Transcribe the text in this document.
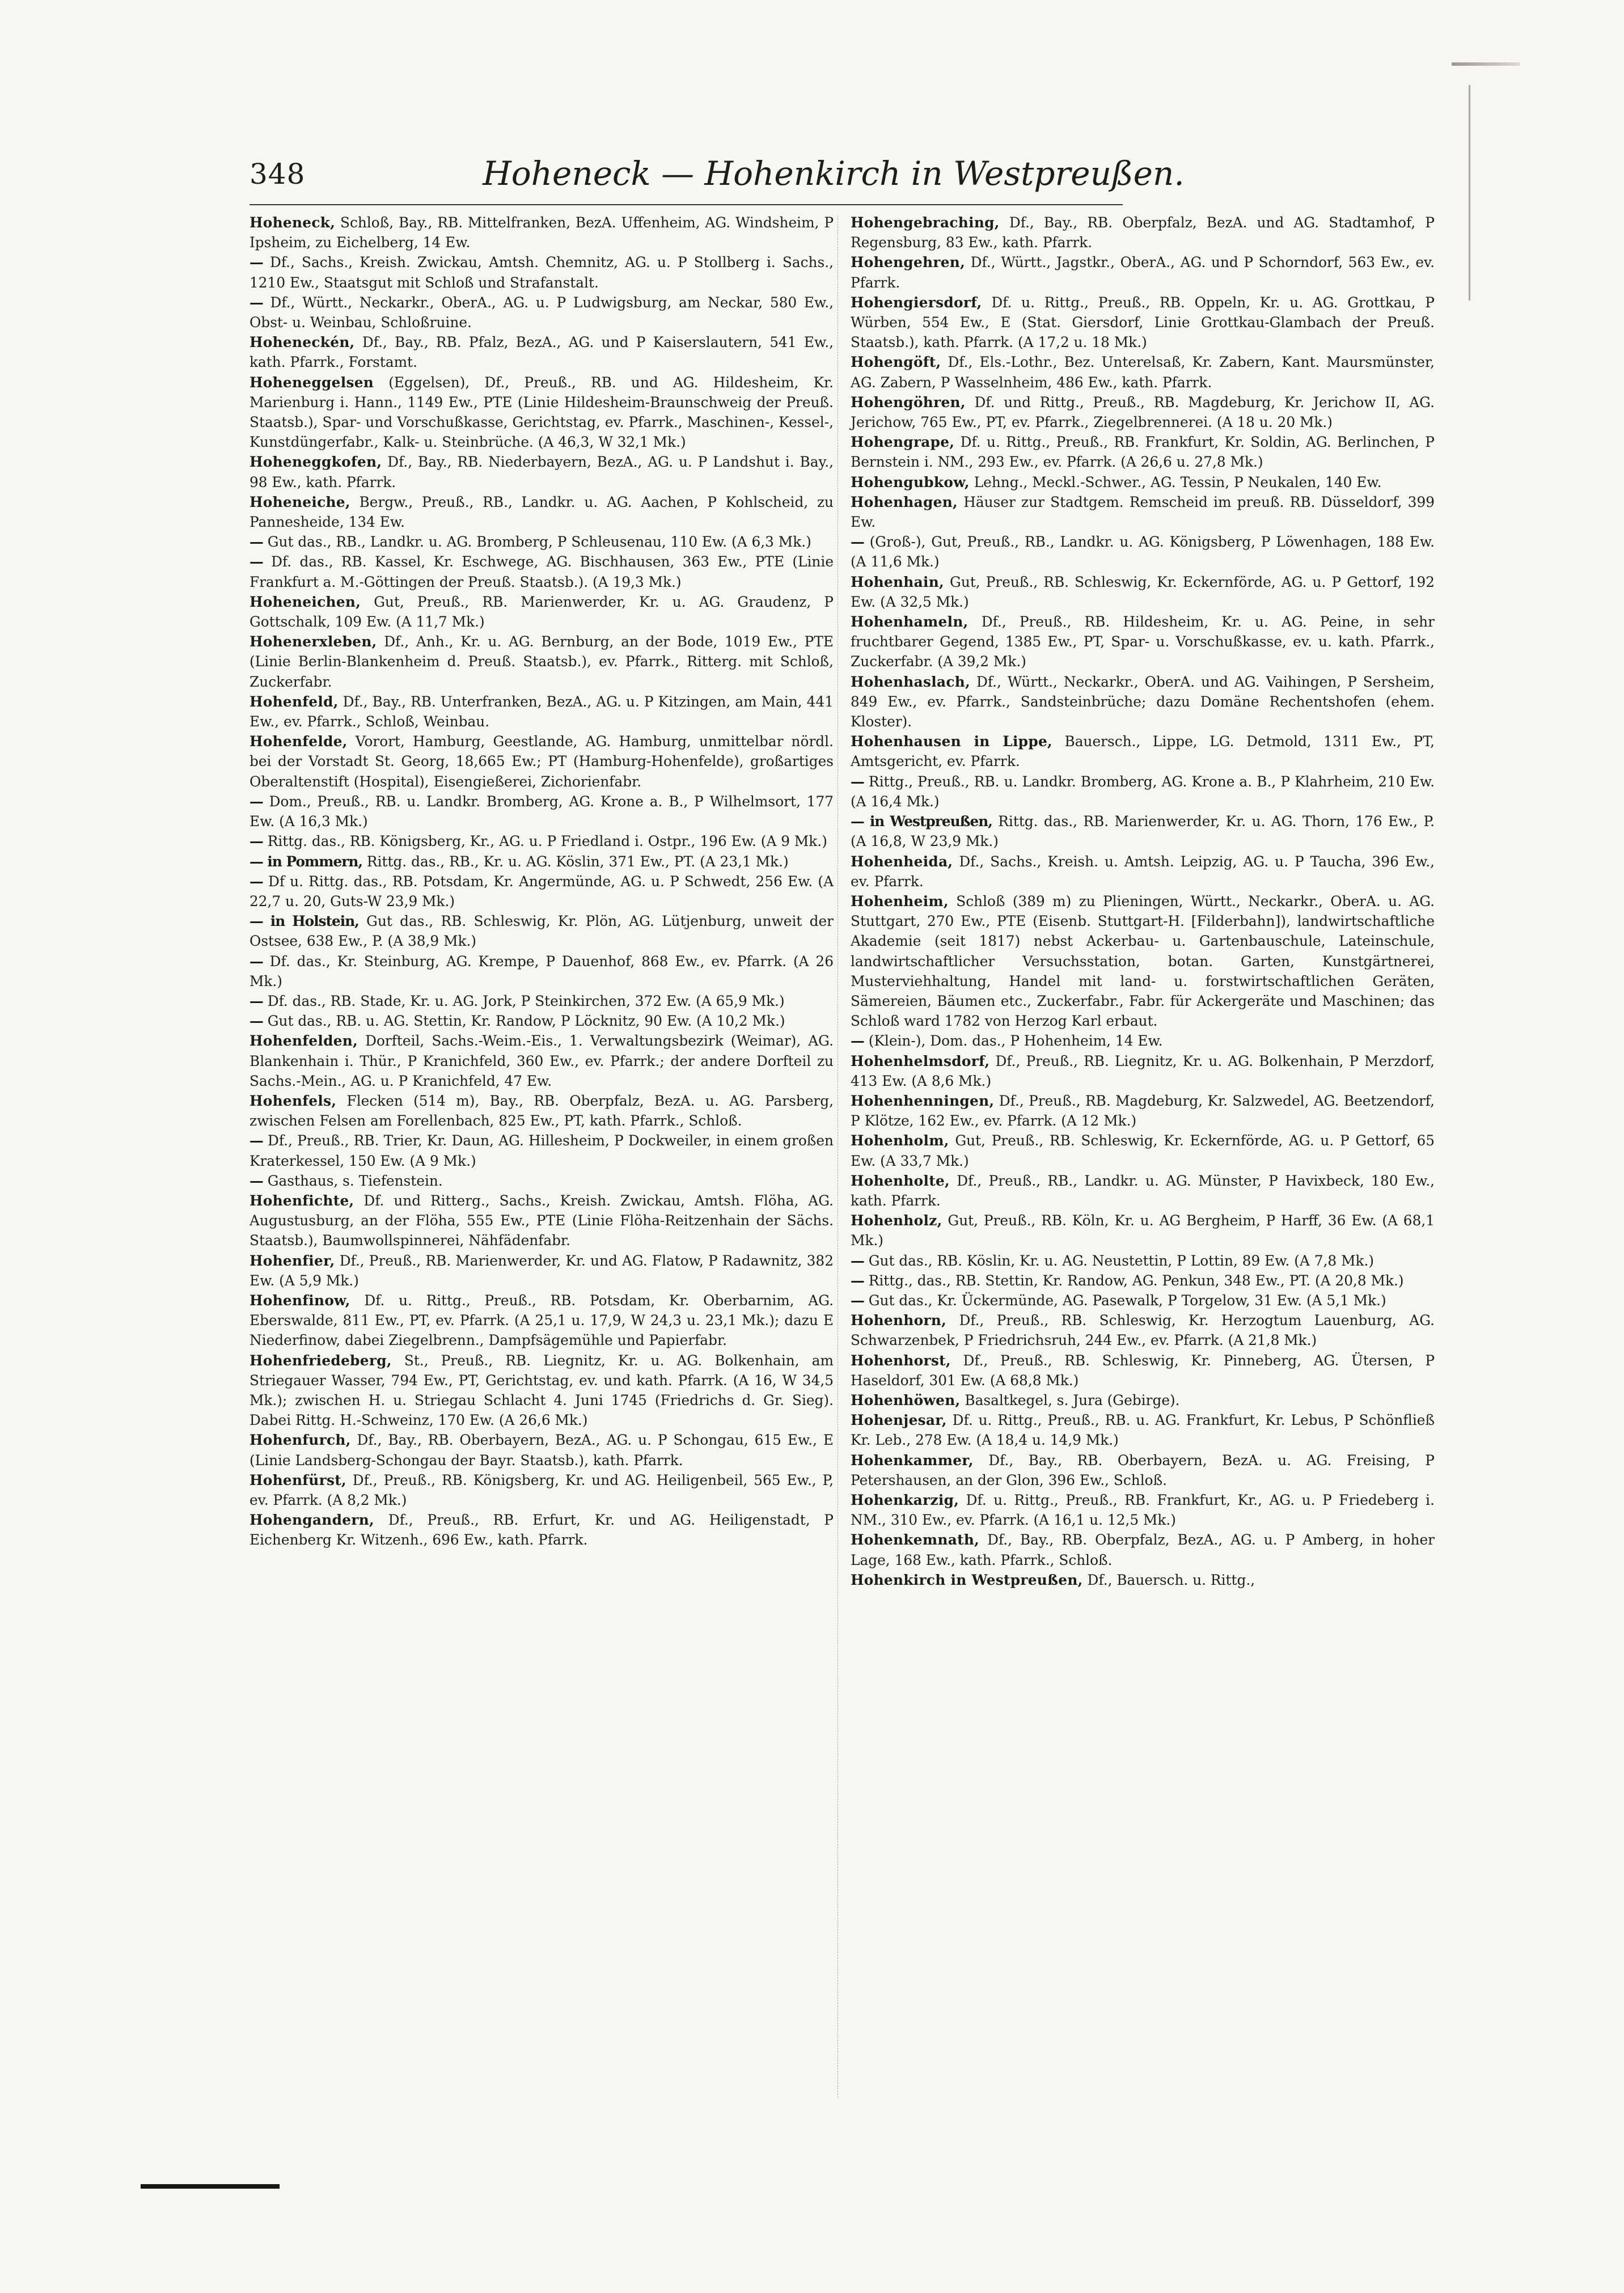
348	Hoheneck — Hohenkirch in Westpreußen.

Hoheneck, Schloß, Bay., RB. Mittelfranken, BezA. Uffenheim, AG. Windsheim, P Ipsheim, zu Eichelberg, 14 Ew.

— Df., Sachs., Kreish. Zwickau, Amtsh. Chemnitz, AG. u. P Stollberg i. Sachs., 1210 Ew., Staatsgut mit Schloß und Strafanstalt.

— Df., Württ., Neckarkr., OberA., AG. u. P Ludwigsburg, am Neckar, 580 Ew., Obst- u. Weinbau, Schloßruine.

Hoheneckén, Df., Bay., RB. Pfalz, BezA., AG. und P Kaiserslautern, 541 Ew., kath. Pfarrk., Forstamt.

Hoheneggelsen (Eggelsen), Df., Preuß., RB. und AG. Hildesheim, Kr. Marienburg i. Hann., 1149 Ew., PTE (Linie Hildesheim-Braunschweig der Preuß. Staatsb.), Spar- und Vorschußkasse, Gerichtstag, ev. Pfarrk., Maschinen-, Kessel-, Kunstdüngerfabr., Kalk- u. Steinbrüche. (A 46,3, W 32,1 Mk.)

Hoheneggkofen, Df., Bay., RB. Niederbayern, BezA., AG. u. P Landshut i. Bay., 98 Ew., kath. Pfarrk.

Hoheneiche, Bergw., Preuß., RB., Landkr. u. AG. Aachen, P Kohlscheid, zu Pannesheide, 134 Ew.

— Gut das., RB., Landkr. u. AG. Bromberg, P Schleusenau, 110 Ew. (A 6,3 Mk.)

— Df. das., RB. Kassel, Kr. Eschwege, AG. Bischhausen, 363 Ew., PTE (Linie Frankfurt a. M.-Göttingen der Preuß. Staatsb.). (A 19,3 Mk.)

Hoheneichen, Gut, Preuß., RB. Marienwerder, Kr. u. AG. Graudenz, P Gottschalk, 109 Ew. (A 11,7 Mk.)

Hohenerxleben, Df., Anh., Kr. u. AG. Bernburg, an der Bode, 1019 Ew., PTE (Linie Berlin-Blankenheim d. Preuß. Staatsb.), ev. Pfarrk., Ritterg. mit Schloß, Zuckerfabr.

Hohenfeld, Df., Bay., RB. Unterfranken, BezA., AG. u. P Kitzingen, am Main, 441 Ew., ev. Pfarrk., Schloß, Weinbau.

Hohenfelde, Vorort, Hamburg, Geestlande, AG. Hamburg, unmittelbar nördl. bei der Vorstadt St. Georg, 18,665 Ew.; PT (Hamburg-Hohenfelde), großartiges Oberaltenstift (Hospital), Eisengießerei, Zichorienfabr.

— Dom., Preuß., RB. u. Landkr. Bromberg, AG. Krone a. B., P Wilhelmsort, 177 Ew. (A 16,3 Mk.)

— Rittg. das., RB. Königsberg, Kr., AG. u. P Friedland i. Ostpr., 196 Ew. (A 9 Mk.)

— in Pommern, Rittg. das., RB., Kr. u. AG. Köslin, 371 Ew., PT. (A 23,1 Mk.)

— Df u. Rittg. das., RB. Potsdam, Kr. Angermünde, AG. u. P Schwedt, 256 Ew. (A 22,7 u. 20, Guts-W 23,9 Mk.)

— in Holstein, Gut das., RB. Schleswig, Kr. Plön, AG. Lütjenburg, unweit der Ostsee, 638 Ew., P. (A 38,9 Mk.)

— Df. das., Kr. Steinburg, AG. Krempe, P Dauenhof, 868 Ew., ev. Pfarrk. (A 26 Mk.)

— Df. das., RB. Stade, Kr. u. AG. Jork, P Steinkirchen, 372 Ew. (A 65,9 Mk.)

— Gut das., RB. u. AG. Stettin, Kr. Randow, P Löcknitz, 90 Ew. (A 10,2 Mk.)

Hohenfelden, Dorfteil, Sachs.-Weim.-Eis., 1. Verwaltungsbezirk (Weimar), AG. Blankenhain i. Thür., P Kranichfeld, 360 Ew., ev. Pfarrk.; der andere Dorfteil zu Sachs.-Mein., AG. u. P Kranichfeld, 47 Ew.

Hohenfels, Flecken (514 m), Bay., RB. Oberpfalz, BezA. u. AG. Parsberg, zwischen Felsen am Forellenbach, 825 Ew., PT, kath. Pfarrk., Schloß.

— Df., Preuß., RB. Trier, Kr. Daun, AG. Hillesheim, P Dockweiler, in einem großen Kraterkessel, 150 Ew. (A 9 Mk.)

— Gasthaus, s. Tiefenstein.

Hohenfichte, Df. und Ritterg., Sachs., Kreish. Zwickau, Amtsh. Flöha, AG. Augustusburg, an der Flöha, 555 Ew., PTE (Linie Flöha-Reitzenhain der Sächs. Staatsb.), Baumwollspinnerei, Nähfädenfabr.

Hohenfier, Df., Preuß., RB. Marienwerder, Kr. und AG. Flatow, P Radawnitz, 382 Ew. (A 5,9 Mk.)

Hohenfinow, Df. u. Rittg., Preuß., RB. Potsdam, Kr. Oberbarnim, AG. Eberswalde, 811 Ew., PT, ev. Pfarrk. (A 25,1 u. 17,9, W 24,3 u. 23,1 Mk.); dazu E Niederfinow, dabei Ziegelbrenn., Dampfsägemühle und Papierfabr.

Hohenfriedeberg, St., Preuß., RB. Liegnitz, Kr. u. AG. Bolkenhain, am Striegauer Wasser, 794 Ew., PT, Gerichtstag, ev. und kath. Pfarrk. (A 16, W 34,5 Mk.); zwischen H. u. Striegau Schlacht 4. Juni 1745 (Friedrichs d. Gr. Sieg). Dabei Rittg. H.-Schweinz, 170 Ew. (A 26,6 Mk.)

Hohenfurch, Df., Bay., RB. Oberbayern, BezA., AG. u. P Schongau, 615 Ew., E (Linie Landsberg-Schongau der Bayr. Staatsb.), kath. Pfarrk.

Hohenfürst, Df., Preuß., RB. Königsberg, Kr. und AG. Heiligenbeil, 565 Ew., P, ev. Pfarrk. (A 8,2 Mk.)

Hohengandern, Df., Preuß., RB. Erfurt, Kr. und AG. Heiligenstadt, P Eichenberg Kr. Witzenh., 696 Ew., kath. Pfarrk.

Hohengebraching, Df., Bay., RB. Oberpfalz, BezA. und AG. Stadtamhof, P Regensburg, 83 Ew., kath. Pfarrk.

Hohengehren, Df., Württ., Jagstkr., OberA., AG. und P Schorndorf, 563 Ew., ev. Pfarrk.

Hohengiersdorf, Df. u. Rittg., Preuß., RB. Oppeln, Kr. u. AG. Grottkau, P Würben, 554 Ew., E (Stat. Giersdorf, Linie Grottkau-Glambach der Preuß. Staatsb.), kath. Pfarrk. (A 17,2 u. 18 Mk.)

Hohengöft, Df., Els.-Lothr., Bez. Unterelsaß, Kr. Zabern, Kant. Maursmünster, AG. Zabern, P Wasselnheim, 486 Ew., kath. Pfarrk.

Hohengöhren, Df. und Rittg., Preuß., RB. Magdeburg, Kr. Jerichow II, AG. Jerichow, 765 Ew., PT, ev. Pfarrk., Ziegelbrennerei. (A 18 u. 20 Mk.)

Hohengrape, Df. u. Rittg., Preuß., RB. Frankfurt, Kr. Soldin, AG. Berlinchen, P Bernstein i. NM., 293 Ew., ev. Pfarrk. (A 26,6 u. 27,8 Mk.)

Hohengubkow, Lehng., Meckl.-Schwer., AG. Tessin, P Neukalen, 140 Ew.

Hohenhagen, Häuser zur Stadtgem. Remscheid im preuß. RB. Düsseldorf, 399 Ew.

— (Groß-), Gut, Preuß., RB., Landkr. u. AG. Königsberg, P Löwenhagen, 188 Ew. (A 11,6 Mk.)

Hohenhain, Gut, Preuß., RB. Schleswig, Kr. Eckernförde, AG. u. P Gettorf, 192 Ew. (A 32,5 Mk.)

Hohenhameln, Df., Preuß., RB. Hildesheim, Kr. u. AG. Peine, in sehr fruchtbarer Gegend, 1385 Ew., PT, Spar- u. Vorschußkasse, ev. u. kath. Pfarrk., Zuckerfabr. (A 39,2 Mk.)

Hohenhaslach, Df., Württ., Neckarkr., OberA. und AG. Vaihingen, P Sersheim, 849 Ew., ev. Pfarrk., Sandsteinbrüche; dazu Domäne Rechentshofen (ehem. Kloster).

Hohenhausen in Lippe, Bauersch., Lippe, LG. Detmold, 1311 Ew., PT, Amtsgericht, ev. Pfarrk.

— Rittg., Preuß., RB. u. Landkr. Bromberg, AG. Krone a. B., P Klahrheim, 210 Ew. (A 16,4 Mk.)

— in Westpreußen, Rittg. das., RB. Marienwerder, Kr. u. AG. Thorn, 176 Ew., P. (A 16,8, W 23,9 Mk.)

Hohenheida, Df., Sachs., Kreish. u. Amtsh. Leipzig, AG. u. P Taucha, 396 Ew., ev. Pfarrk.

Hohenheim, Schloß (389 m) zu Plieningen, Württ., Neckarkr., OberA. u. AG. Stuttgart, 270 Ew., PTE (Eisenb. Stuttgart-H. [Filderbahn]), landwirtschaftliche Akademie (seit 1817) nebst Ackerbau- u. Gartenbauschule, Lateinschule, landwirtschaftlicher Versuchsstation, botan. Garten, Kunstgärtnerei, Musterviehhaltung, Handel mit land- u. forstwirtschaftlichen Geräten, Sämereien, Bäumen etc., Zuckerfabr., Fabr. für Ackergeräte und Maschinen; das Schloß ward 1782 von Herzog Karl erbaut.

— (Klein-), Dom. das., P Hohenheim, 14 Ew.

Hohenhelmsdorf, Df., Preuß., RB. Liegnitz, Kr. u. AG. Bolkenhain, P Merzdorf, 413 Ew. (A 8,6 Mk.)

Hohenhenningen, Df., Preuß., RB. Magdeburg, Kr. Salzwedel, AG. Beetzendorf, P Klötze, 162 Ew., ev. Pfarrk. (A 12 Mk.)

Hohenholm, Gut, Preuß., RB. Schleswig, Kr. Eckernförde, AG. u. P Gettorf, 65 Ew. (A 33,7 Mk.)

Hohenholte, Df., Preuß., RB., Landkr. u. AG. Münster, P Havixbeck, 180 Ew., kath. Pfarrk.

Hohenholz, Gut, Preuß., RB. Köln, Kr. u. AG Bergheim, P Harff, 36 Ew. (A 68,1 Mk.)

— Gut das., RB. Köslin, Kr. u. AG. Neustettin, P Lottin, 89 Ew. (A 7,8 Mk.)

— Rittg., das., RB. Stettin, Kr. Randow, AG. Penkun, 348 Ew., PT. (A 20,8 Mk.)

— Gut das., Kr. Ückermünde, AG. Pasewalk, P Torgelow, 31 Ew. (A 5,1 Mk.)

Hohenhorn, Df., Preuß., RB. Schleswig, Kr. Herzogtum Lauenburg, AG. Schwarzenbek, P Friedrichsruh, 244 Ew., ev. Pfarrk. (A 21,8 Mk.)

Hohenhorst, Df., Preuß., RB. Schleswig, Kr. Pinneberg, AG. Ütersen, P Haseldorf, 301 Ew. (A 68,8 Mk.)

Hohenhöwen, Basaltkegel, s. Jura (Gebirge).

Hohenjesar, Df. u. Rittg., Preuß., RB. u. AG. Frankfurt, Kr. Lebus, P Schönfließ Kr. Leb., 278 Ew. (A 18,4 u. 14,9 Mk.)

Hohenkammer, Df., Bay., RB. Oberbayern, BezA. u. AG. Freising, P Petershausen, an der Glon, 396 Ew., Schloß.

Hohenkarzig, Df. u. Rittg., Preuß., RB. Frankfurt, Kr., AG. u. P Friedeberg i. NM., 310 Ew., ev. Pfarrk. (A 16,1 u. 12,5 Mk.)

Hohenkemnath, Df., Bay., RB. Oberpfalz, BezA., AG. u. P Amberg, in hoher Lage, 168 Ew., kath. Pfarrk., Schloß.

Hohenkirch in Westpreußen, Df., Bauersch. u. Rittg.,
